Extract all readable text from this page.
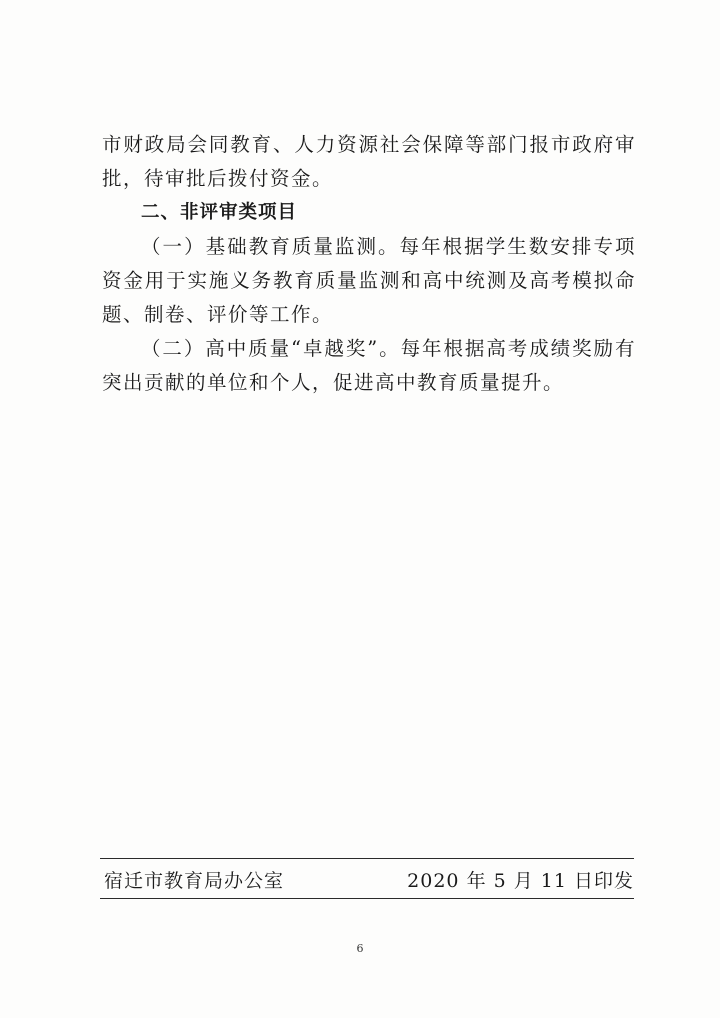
市财政局会同教育、人力资源社会保障等部门报市政府审批，待审批后拨付资金。

二、非评审类项目

（一）基础教育质量监测。每年根据学生数安排专项资金用于实施义务教育质量监测和高中统测及高考模拟命题、制卷、评价等工作。

（二）高中质量“卓越奖”。每年根据高考成绩奖励有突出贡献的单位和个人，促进高中教育质量提升。

宿迁市教育局办公室	2020 年 5 月 11 日印发
6
